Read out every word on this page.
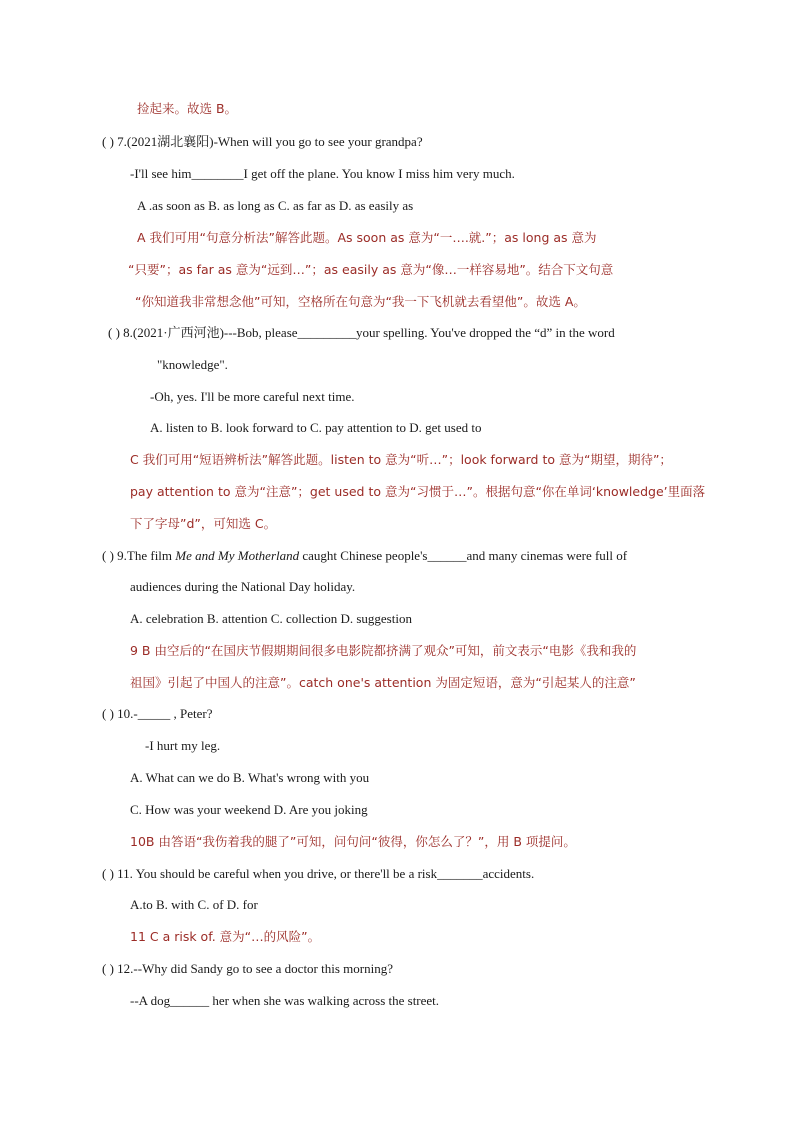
捡起来。故选 B。
( ) 7.(2021湖北襄阳)-When will you go to see your grandpa?
-I'll see him________I get off the plane. You know I miss him very much.
A .as soon as B. as long as C. as far as D. as easily as
A 我们可用“句意分析法”解答此题。As soon as 意为“一….就.”；as long as 意为
“只要”；as far as 意为“远到…”；as easily as 意为“像…一样容易地”。结合下文句意
“你知道我非常想念他”可知，空格所在句意为“我一下飞机就去看望他”。故选 A。
( ) 8.(2021·广西河池)---Bob, please_________your spelling. You've dropped the “d” in the word
"knowledge".
-Oh, yes. I'll be more careful next time.
A. listen to B. look forward to C. pay attention to D. get used to
C 我们可用“短语辨析法”解答此题。listen to 意为“听…”；look forward to 意为“期望，期待”；
pay attention to 意为“注意”；get used to 意为“习惯于…”。根据句意“你在单词‘knowledge’里面落
下了字母”d”，可知选 C。
( ) 9.The film Me and My Motherland caught Chinese people's______and many cinemas were full of
audiences during the National Day holiday.
A. celebration B. attention C. collection D. suggestion
9 B 由空后的“在国庆节假期期间很多电影院都挤满了观众”可知，前文表示“电影《我和我的
祖国》引起了中国人的注意”。catch one's attention 为固定短语，意为“引起某人的注意”
( ) 10.-_____ , Peter?
-I hurt my leg.
A. What can we do B. What's wrong with you
C. How was your weekend D. Are you joking
10B 由答语“我伤着我的腿了”可知，问句问“彼得，你怎么了？”，用 B 项提问。
( ) 11. You should be careful when you drive, or there'll be a risk_______accidents.
A.to B. with C. of D. for
11 C a risk of. 意为“…的风险”。
( ) 12.--Why did Sandy go to see a doctor this morning?
--A dog______ her when she was walking across the street.
